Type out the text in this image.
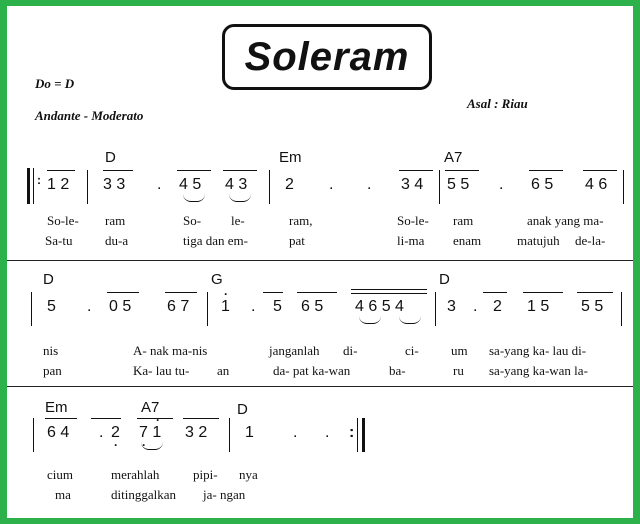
Soleram
Do = D
Andante - Moderato
Asal : Riau
D	Em	A7
: 1 2 3 3 . 4 5 4 3 2 . . 3 4 5 5 . 6 5 4 6
So-le- ram	So- le-	ram,	So-le- ram	anak yang ma-
Sa-tu	du-a	tiga dan em-	pat	li-ma enam	matujuh de-la-
D	G	D
5 . 0 5 6 7 1
·
. 5 6 5 4 6 5 4	3 . 2 1 5 5 5
nis	A- nak ma-nis	janganlah di-	ci- um sa-yang ka- lau di-
pan	Ka- lau tu- an	da- pat ka-wan	ba-	ru sa-yang ka-wan la-
Em	A7	D
6 4 . 2
·
7 1
·
·
3 2 1 . . :
cium	merahlah	pipi- nya
ma	ditinggalkan ja- ngan
